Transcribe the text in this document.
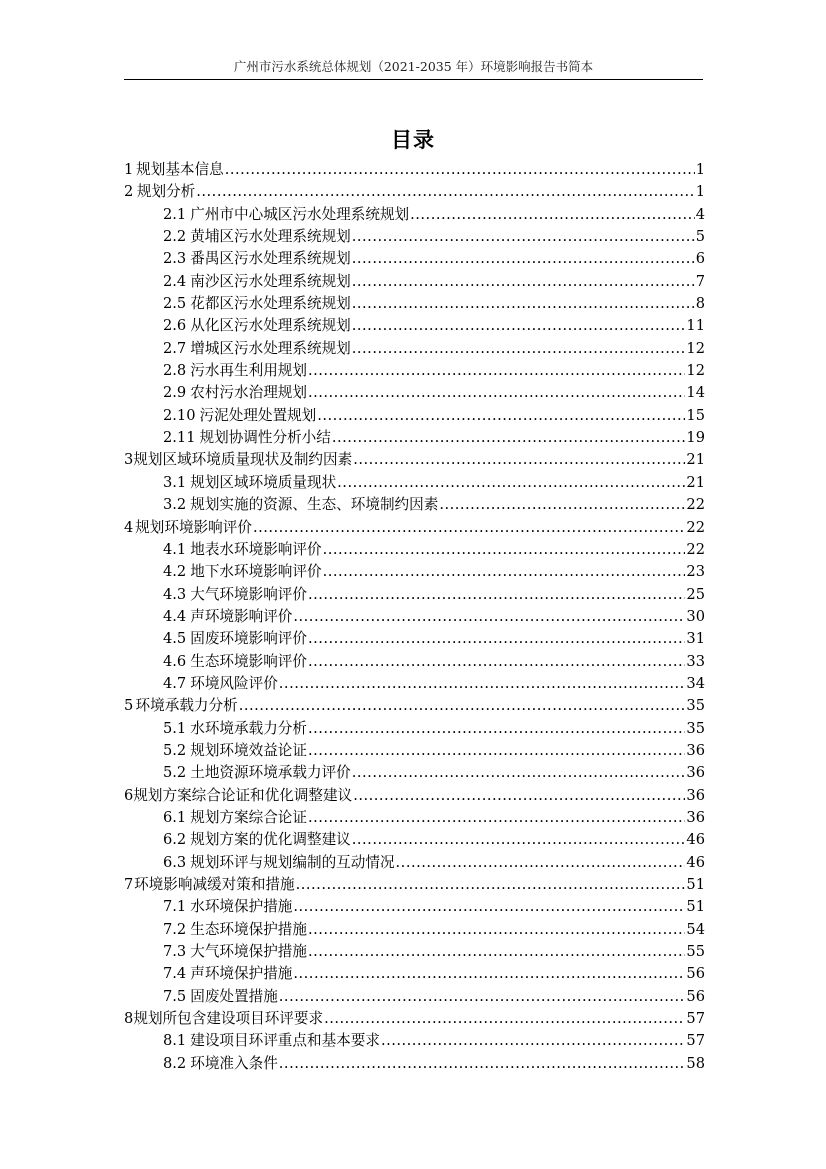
广州市污水系统总体规划（2021-2035 年）环境影响报告书简本
目录
1 规划基本信息 .....	1
2 规划分析 .....	1
2.1 广州市中心城区污水处理系统规划 .....	4
2.2 黄埔区污水处理系统规划 .....	5
2.3 番禺区污水处理系统规划 .....	6
2.4 南沙区污水处理系统规划 .....	7
2.5 花都区污水处理系统规划 .....	8
2.6 从化区污水处理系统规划 .....	11
2.7 增城区污水处理系统规划 .....	12
2.8 污水再生利用规划 .....	12
2.9 农村污水治理规划 .....	14
2.10 污泥处理处置规划 .....	15
2.11 规划协调性分析小结 .....	19
3 规划区域环境质量现状及制约因素 .....	21
3.1 规划区域环境质量现状 .....	21
3.2 规划实施的资源、生态、环境制约因素 .....	22
4 规划环境影响评价 .....	22
4.1 地表水环境影响评价 .....	22
4.2 地下水环境影响评价 .....	23
4.3 大气环境影响评价 .....	25
4.4 声环境影响评价 .....	30
4.5 固废环境影响评价 .....	31
4.6 生态环境影响评价 .....	33
4.7 环境风险评价 .....	34
5 环境承载力分析 .....	35
5.1 水环境承载力分析 .....	35
5.2 规划环境效益论证 .....	36
5.2 土地资源环境承载力评价 .....	36
6 规划方案综合论证和优化调整建议 .....	36
6.1 规划方案综合论证 .....	36
6.2 规划方案的优化调整建议 .....	46
6.3 规划环评与规划编制的互动情况 .....	46
7 环境影响减缓对策和措施 .....	51
7.1 水环境保护措施 .....	51
7.2 生态环境保护措施 .....	54
7.3 大气环境保护措施 .....	55
7.4 声环境保护措施 .....	56
7.5 固废处置措施 .....	56
8 规划所包含建设项目环评要求 .....	57
8.1 建设项目环评重点和基本要求 .....	57
8.2 环境准入条件 .....	58
